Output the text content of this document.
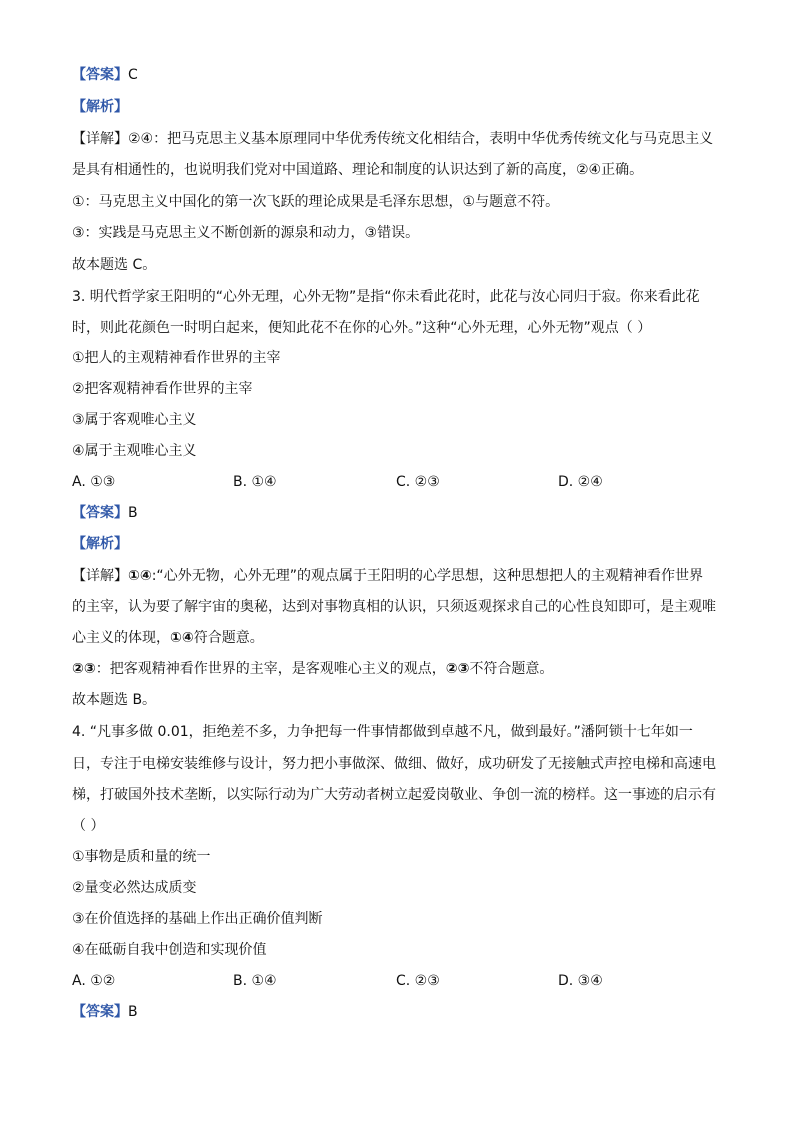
【答案】C
【解析】
【详解】②④：把马克思主义基本原理同中华优秀传统文化相结合，表明中华优秀传统文化与马克思主义
是具有相通性的，也说明我们党对中国道路、理论和制度的认识达到了新的高度，②④正确。
①：马克思主义中国化的第一次飞跃的理论成果是毛泽东思想，①与题意不符。
③：实践是马克思主义不断创新的源泉和动力，③错误。
故本题选 C。
3. 明代哲学家王阳明的“心外无理，心外无物”是指“你未看此花时，此花与汝心同归于寂。你来看此花
时，则此花颜色一时明白起来，便知此花不在你的心外。”这种“心外无理，心外无物”观点（ ）
①把人的主观精神看作世界的主宰
②把客观精神看作世界的主宰
③属于客观唯心主义
④属于主观唯心主义
A. ①③	B. ①④	C. ②③	D. ②④
【答案】B
【解析】
【详解】①④:“心外无物，心外无理”的观点属于王阳明的心学思想，这种思想把人的主观精神看作世界
的主宰，认为要了解宇宙的奥秘，达到对事物真相的认识，只须返观探求自己的心性良知即可，是主观唯
心主义的体现，①④符合题意。
②③：把客观精神看作世界的主宰，是客观唯心主义的观点，②③不符合题意。
故本题选 B。
4. “凡事多做 0.01，拒绝差不多，力争把每一件事情都做到卓越不凡，做到最好。”潘阿锁十七年如一
日，专注于电梯安装维修与设计，努力把小事做深、做细、做好，成功研发了无接触式声控电梯和高速电
梯，打破国外技术垄断，以实际行动为广大劳动者树立起爱岗敬业、争创一流的榜样。这一事迹的启示有
（ ）
①事物是质和量的统一
②量变必然达成质变
③在价值选择的基础上作出正确价值判断
④在砥砺自我中创造和实现价值
A. ①②	B. ①④	C. ②③	D. ③④
【答案】B
